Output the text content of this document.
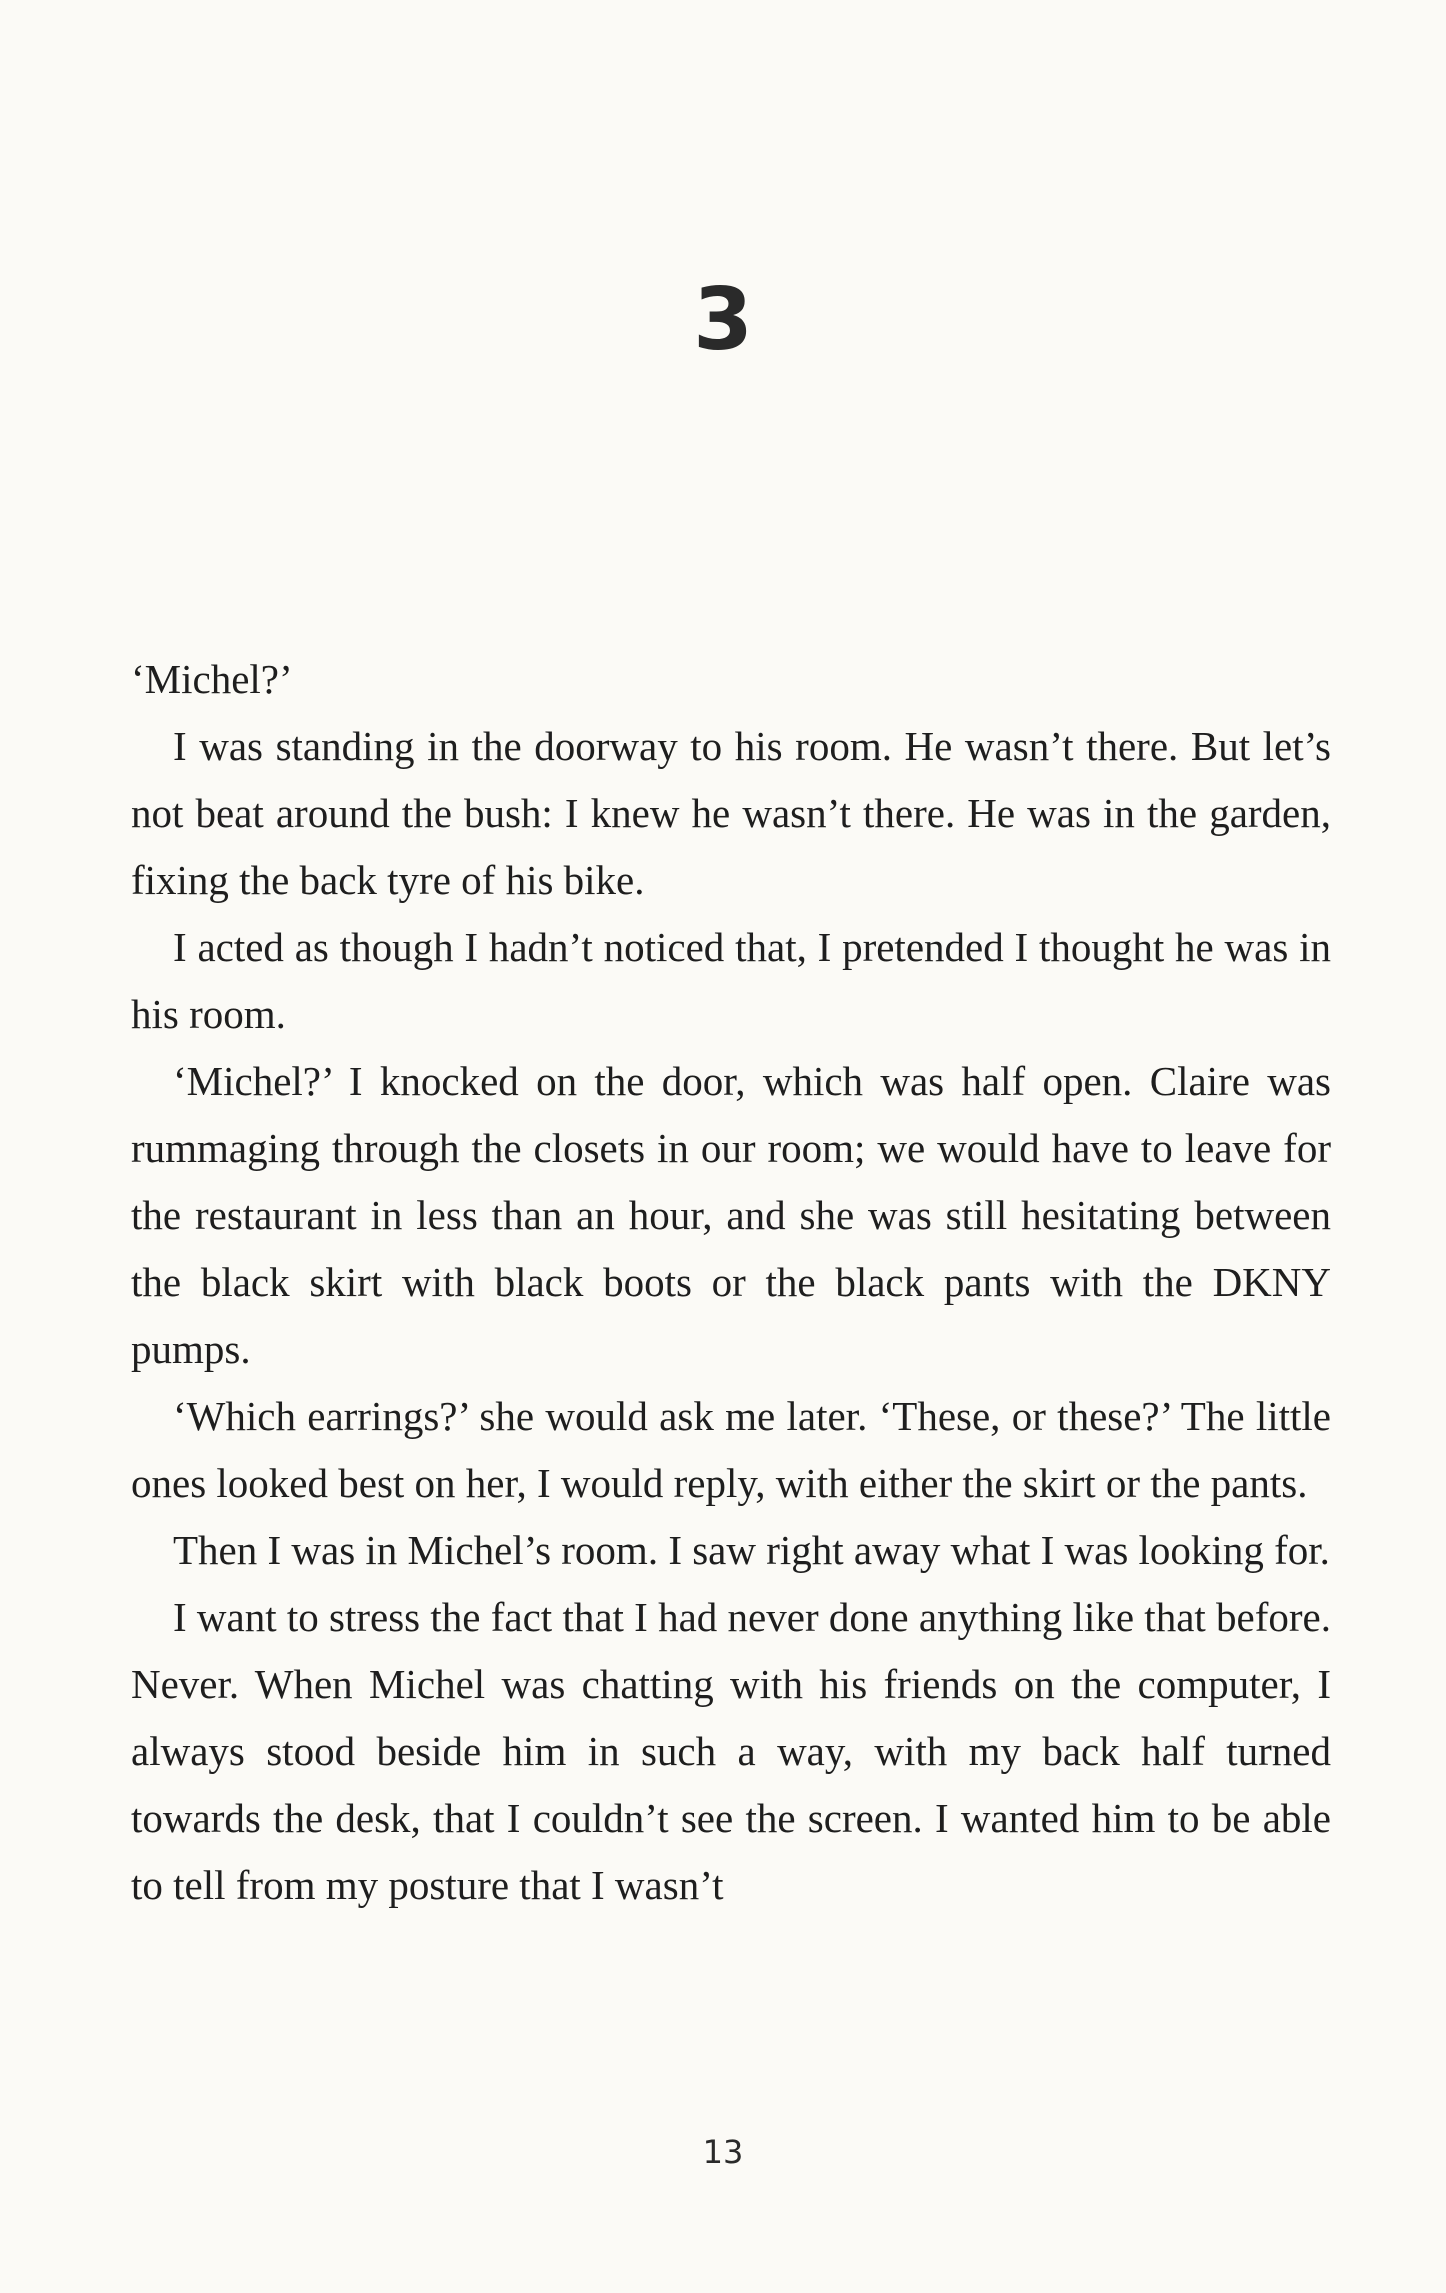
3

‘Michel?’

I was standing in the doorway to his room. He wasn’t there. But let’s not beat around the bush: I knew he wasn’t there. He was in the garden, fixing the back tyre of his bike.

I acted as though I hadn’t noticed that, I pretended I thought he was in his room.

‘Michel?’ I knocked on the door, which was half open. Claire was rummaging through the closets in our room; we would have to leave for the restaurant in less than an hour, and she was still hesitating between the black skirt with black boots or the black pants with the DKNY pumps.

‘Which earrings?’ she would ask me later. ‘These, or these?’ The little ones looked best on her, I would reply, with either the skirt or the pants.

Then I was in Michel’s room. I saw right away what I was looking for.

I want to stress the fact that I had never done anything like that before. Never. When Michel was chatting with his friends on the computer, I always stood beside him in such a way, with my back half turned towards the desk, that I couldn’t see the screen. I wanted him to be able to tell from my posture that I wasn’t

13
